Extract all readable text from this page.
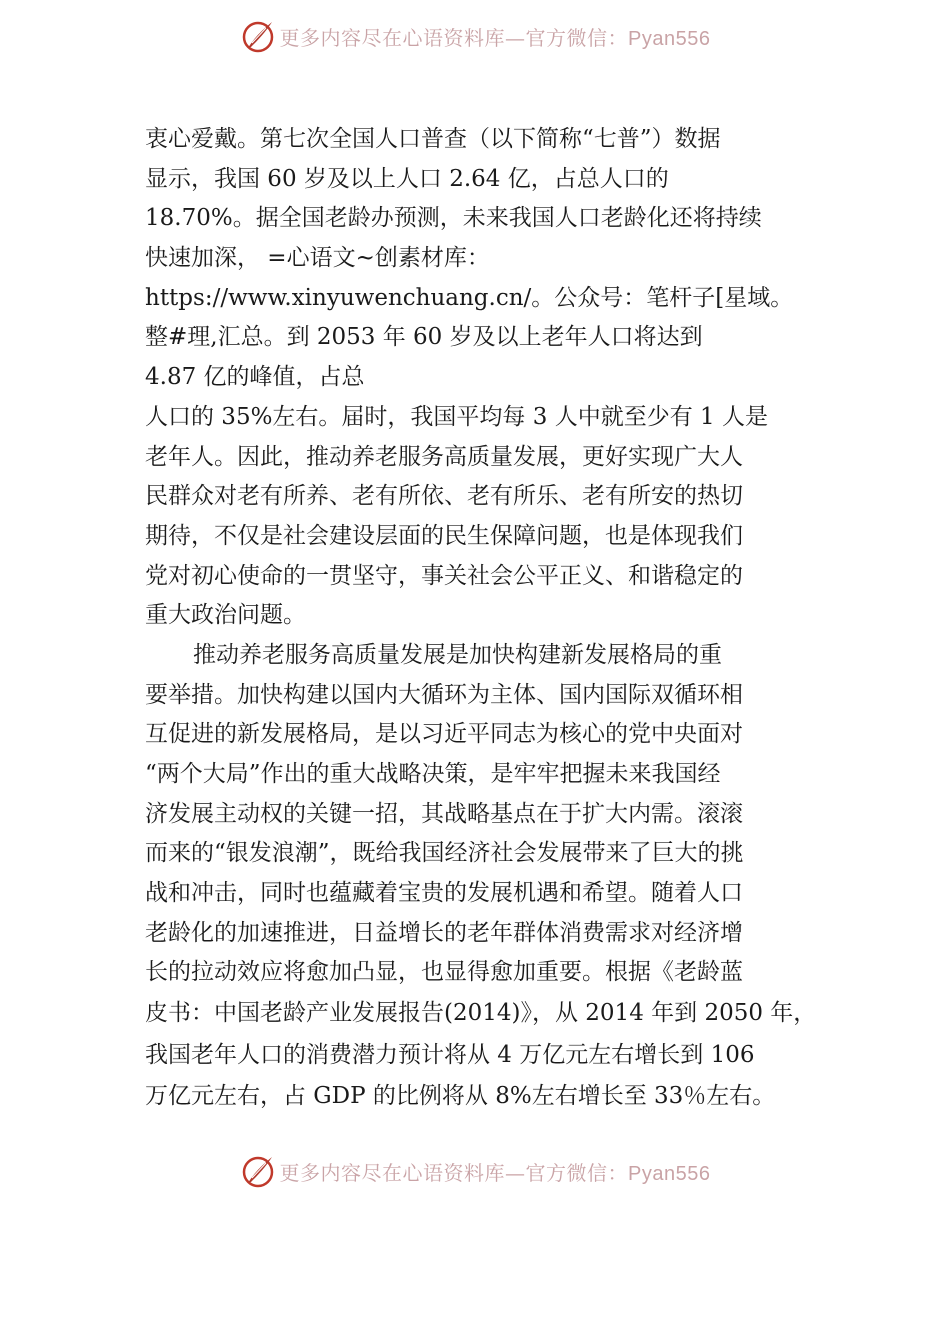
更多内容尽在心语资料库—官方微信：Pyan556
衷心爱戴。第七次全国人口普查（以下简称“七普”）数据
显示，我国 60 岁及以上人口 2.64 亿，占总人口的
18.70%。据全国老龄办预测，未来我国人口老龄化还将持续
快速加深， =心语文~创素材库：
https://www.xinyuwenchuang.cn/。公众号：笔杆子[星域。
整#理,汇总。到 2053 年 60 岁及以上老年人口将达到
4.87 亿的峰值，占总
人口的 35%左右。届时，我国平均每 3 人中就至少有 1 人是
老年人。因此，推动养老服务高质量发展，更好实现广大人
民群众对老有所养、老有所依、老有所乐、老有所安的热切
期待，不仅是社会建设层面的民生保障问题，也是体现我们
党对初心使命的一贯坚守，事关社会公平正义、和谐稳定的
重大政治问题。
推动养老服务高质量发展是加快构建新发展格局的重
要举措。加快构建以国内大循环为主体、国内国际双循环相
互促进的新发展格局，是以习近平同志为核心的党中央面对
“两个大局”作出的重大战略决策，是牢牢把握未来我国经
济发展主动权的关键一招，其战略基点在于扩大内需。滚滚
而来的“银发浪潮”，既给我国经济社会发展带来了巨大的挑
战和冲击，同时也蕴藏着宝贵的发展机遇和希望。随着人口
老龄化的加速推进，日益增长的老年群体消费需求对经济增
长的拉动效应将愈加凸显，也显得愈加重要。根据《老龄蓝
皮书：中国老龄产业发展报告(2014)》，从 2014 年到 2050 年，
我国老年人口的消费潜力预计将从 4 万亿元左右增长到 106
万亿元左右，占 GDP 的比例将从 8%左右增长至 33％左右。
更多内容尽在心语资料库—官方微信：Pyan556
